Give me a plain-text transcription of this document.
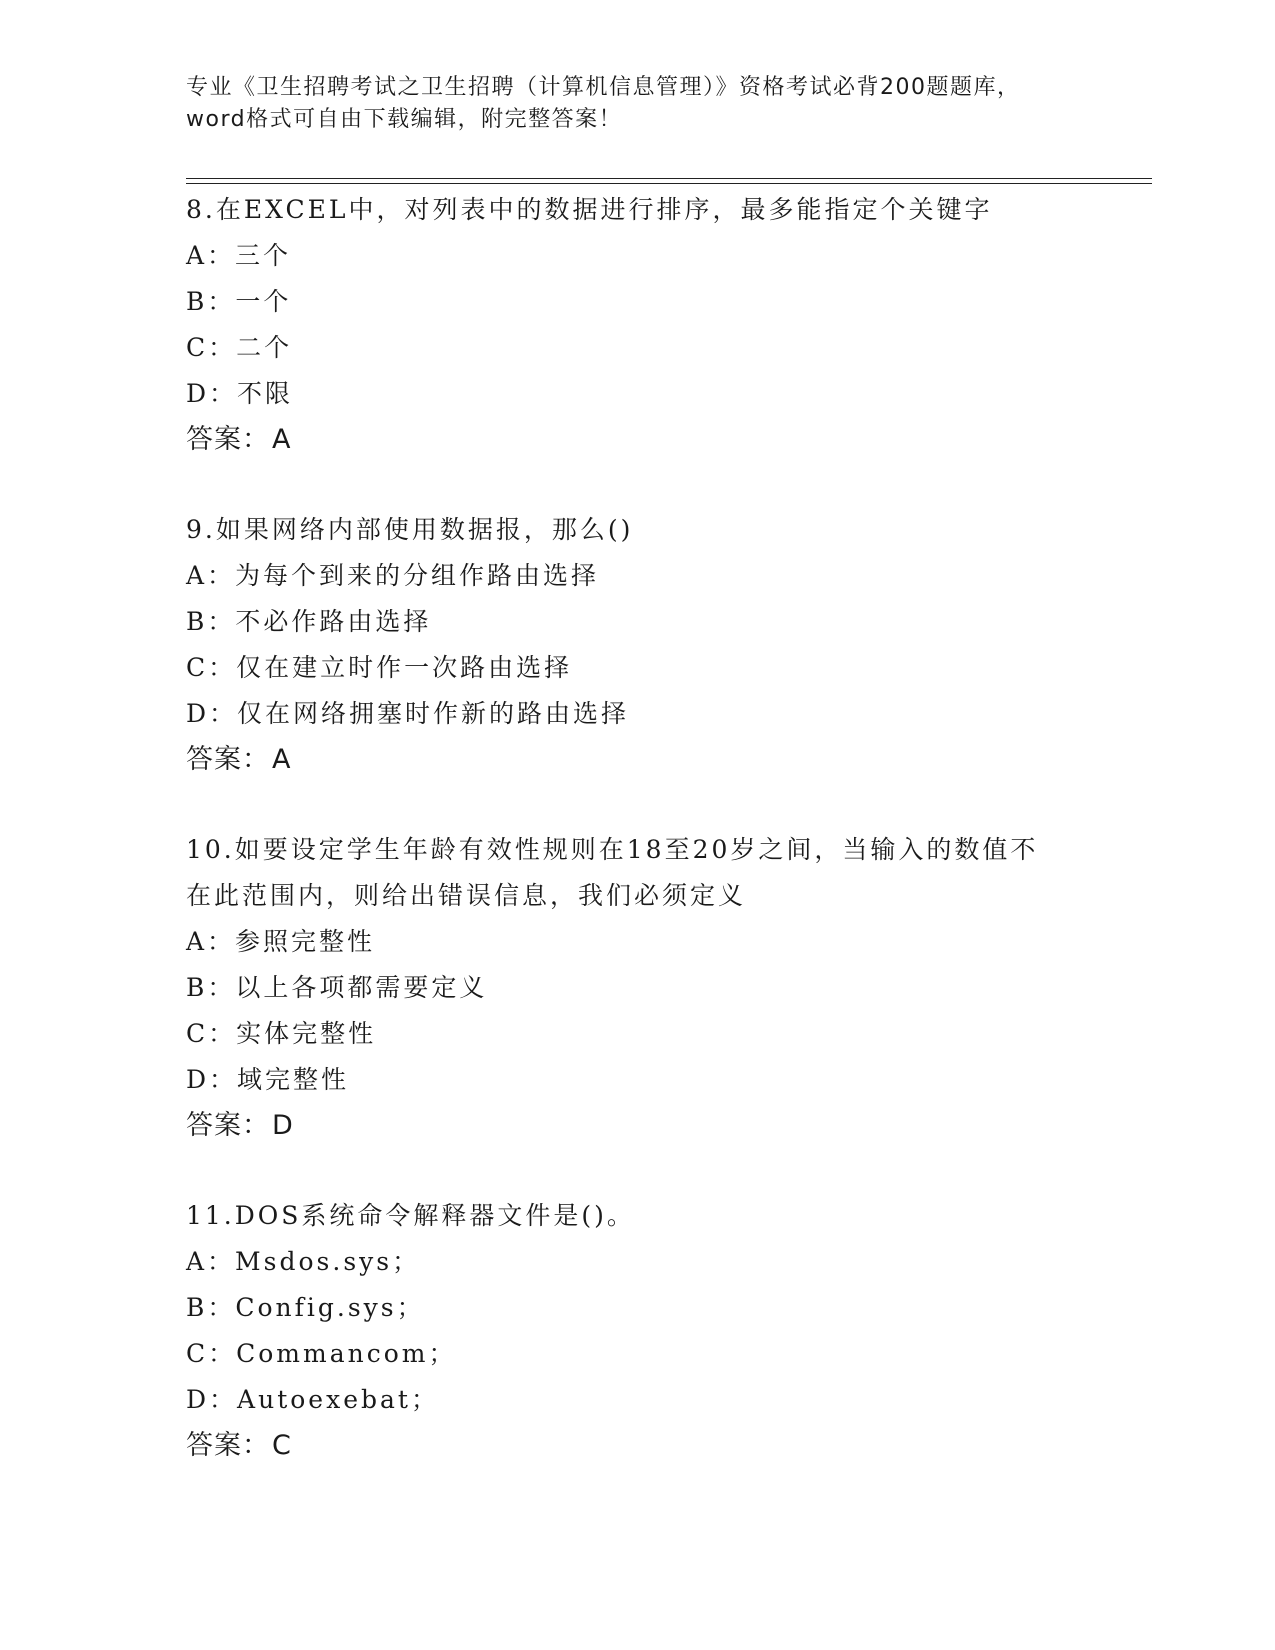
专业《卫生招聘考试之卫生招聘（计算机信息管理）》资格考试必背200题题库，
word格式可自由下载编辑，附完整答案！
8.在EXCEL中，对列表中的数据进行排序，最多能指定个关键字
A：三个
B：一个
C：二个
D：不限
答案：A
9.如果网络内部使用数据报，那么()
A：为每个到来的分组作路由选择
B：不必作路由选择
C：仅在建立时作一次路由选择
D：仅在网络拥塞时作新的路由选择
答案：A
10.如要设定学生年龄有效性规则在18至20岁之间，当输入的数值不
在此范围内，则给出错误信息，我们必须定义
A：参照完整性
B：以上各项都需要定义
C：实体完整性
D：域完整性
答案：D
11.DOS系统命令解释器文件是()。
A：Msdos.sys；
B：Config.sys；
C：Commancom；
D：Autoexebat；
答案：C
